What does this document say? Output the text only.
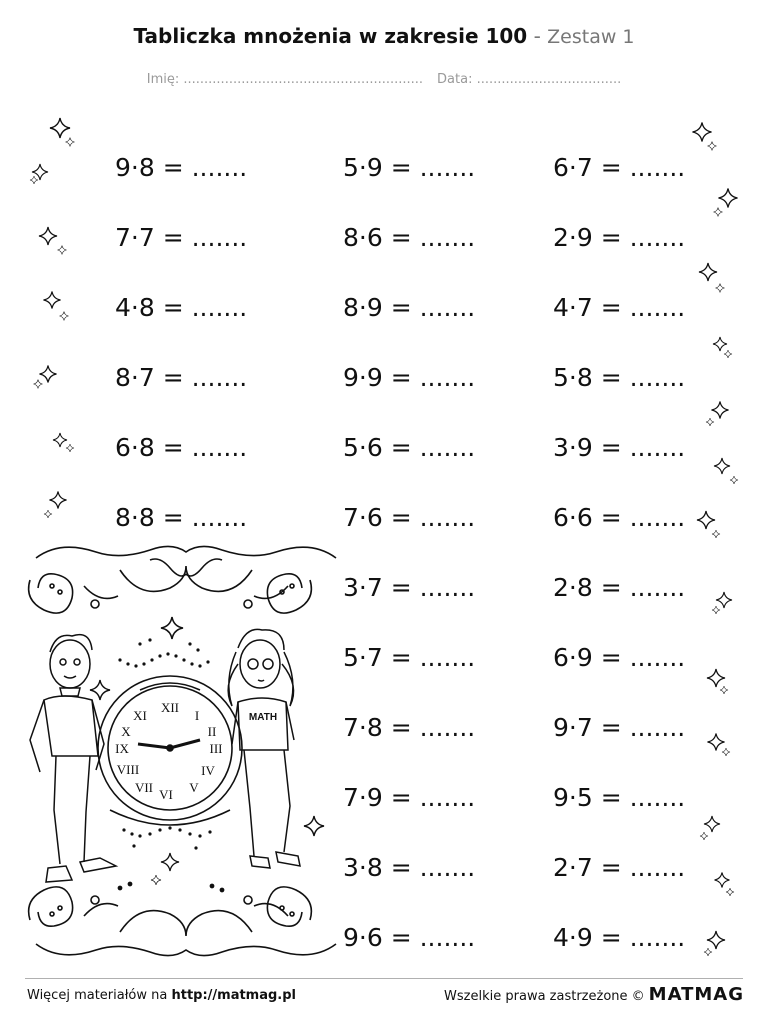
Tabliczka mnożenia w zakresie 100 - Zestaw 1
Imię: .......................................................... Data: ...................................
9·8 = .......
7·7 = .......
4·8 = .......
8·7 = .......
6·8 = .......
8·8 = .......
5·9 = .......
8·6 = .......
8·9 = .......
9·9 = .......
5·6 = .......
7·6 = .......
3·7 = .......
5·7 = .......
7·8 = .......
7·9 = .......
3·8 = .......
9·6 = .......
6·7 = .......
2·9 = .......
4·7 = .......
5·8 = .......
3·9 = .......
6·6 = .......
2·8 = .......
6·9 = .......
9·7 = .......
9·5 = .......
2·7 = .......
4·9 = .......
XII
I
II
III
IV
V
VI
VII
VIII
IX
X
XI	MATH
Więcej materiałów na http://matmag.pl	Wszelkie prawa zastrzeżone © MATMAG
